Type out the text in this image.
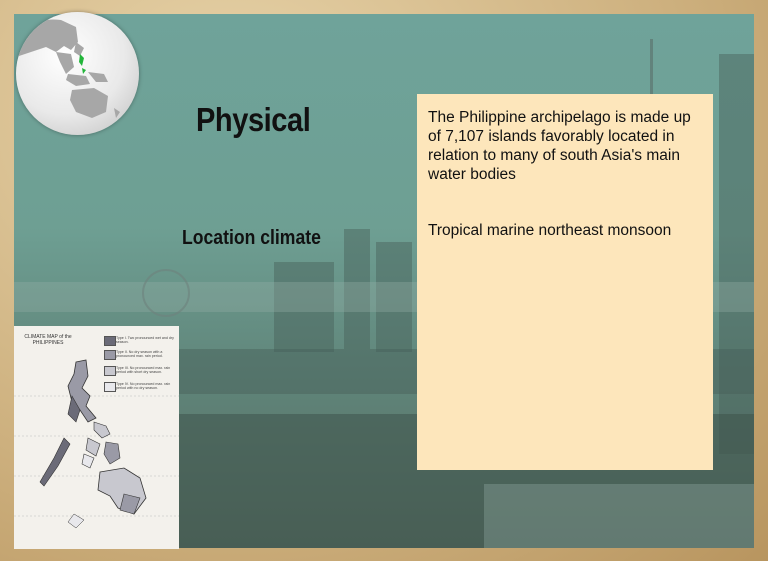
Physical
Location climate

The Philippine archipelago is made up of 7,107 islands favorably located in relation to many of south Asia's main water bodies

Tropical marine northeast monsoon

CLIMATE MAP of the PHILIPPINES
Type I. Two pronounced wet and dry season.
Type II. No dry season with a pronounced max. rain period.
Type III. No pronounced max. rain period with short dry season.
Type IV. No pronounced max. rain period with no dry season.
